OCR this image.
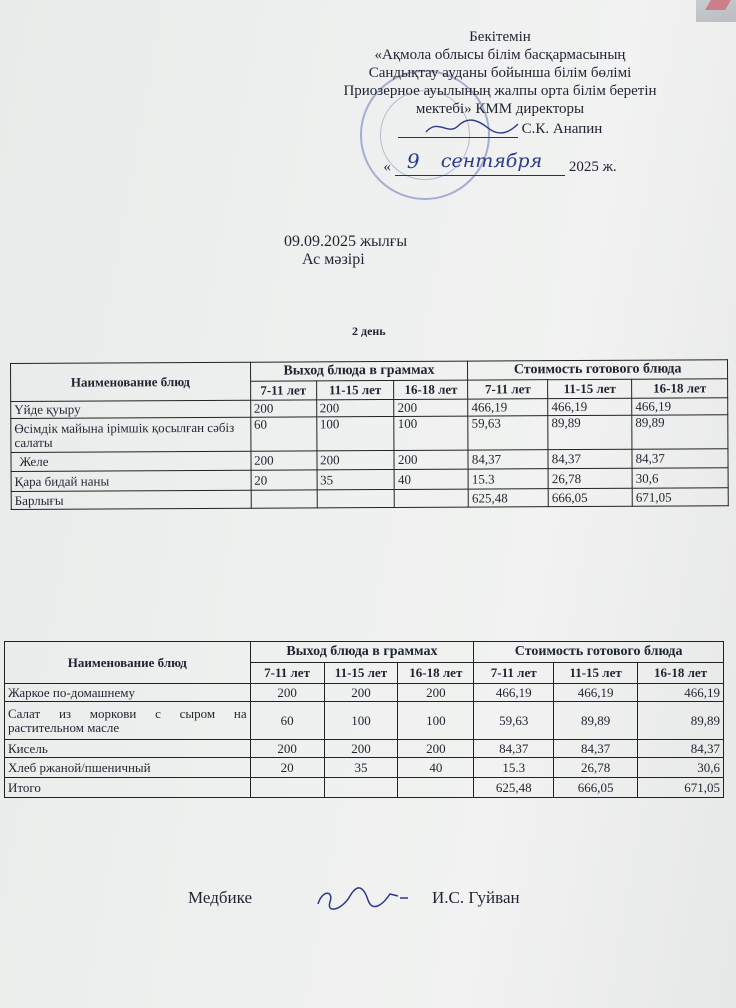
Бекітемін
«Ақмола облысы білім басқармасының
Сандықтау ауданы бойынша білім бөлімі
Приозерное ауылының жалпы орта білім беретін
мектебі» КММ директоры
С.К. Анапин
« 9 сентября 2025 ж.
09.09.2025 жылғы
Ас мәзірі
2 день
Наименование блюд	Выход блюда в граммах			Стоимость готового блюда		
	7-11 лет	11-15 лет	16-18 лет	7-11 лет	11-15 лет	16-18 лет
Үйде қуыру	200	200	200	466,19	466,19	466,19
Өсімдік майына ірімшік қосылған сәбіз салаты	60	100	100	59,63	89,89	89,89
Желе	200	200	200	84,37	84,37	84,37
Қара бидай наны	20	35	40	15.3	26,78	30,6
Барлығы				625,48	666,05	671,05
Наименование блюд	Выход блюда в граммах			Стоимость готового блюда		
	7-11 лет	11-15 лет	16-18 лет	7-11 лет	11-15 лет	16-18 лет
Жаркое по-домашнему	200	200	200	466,19	466,19	466,19
Салат из моркови с сыром на растительном масле	60	100	100	59,63	89,89	89,89
Кисель	200	200	200	84,37	84,37	84,37
Хлеб ржаной/пшеничный	20	35	40	15.3	26,78	30,6
Итого				625,48	666,05	671,05
Медбике	И.С. Гуйван
